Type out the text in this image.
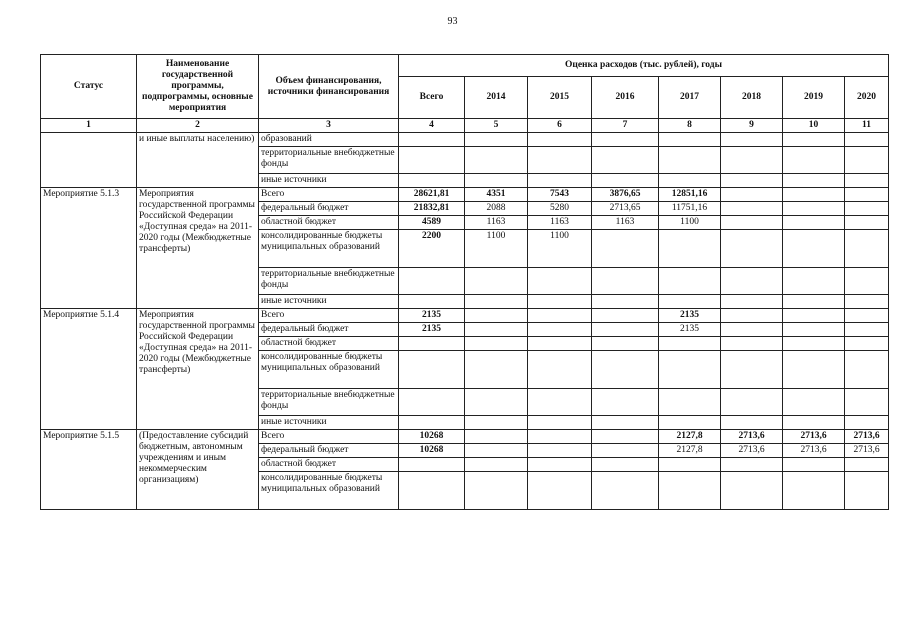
93
Статус	Наименование государственной программы, подпрограммы, основные мероприятия	Объем финансирования, источники финансирования	Оценка расходов (тыс. рублей), годы							
			Всего	2014	2015	2016	2017	2018	2019	2020
1	2	3	4	5	6	7	8	9	10	11
	и иные выплаты населению)	образований								
		территориальные внебюджетные фонды								
		иные источники								
Мероприятие 5.1.3	Мероприятия государственной программы Российской Федерации «Доступная среда» на 2011-2020 годы (Межбюджетные трансферты)	Всего	28621,81	4351	7543	3876,65	12851,16			
		федеральный бюджет	21832,81	2088	5280	2713,65	11751,16			
		областной бюджет	4589	1163	1163	1163	1100			
		консолидированные бюджеты муниципальных образований	2200	1100	1100					
		территориальные внебюджетные фонды								
		иные источники								
Мероприятие 5.1.4	Мероприятия государственной программы Российской Федерации «Доступная среда» на 2011-2020 годы (Межбюджетные трансферты)	Всего	2135				2135			
		федеральный бюджет	2135				2135			
		областной бюджет								
		консолидированные бюджеты муниципальных образований								
		территориальные внебюджетные фонды								
		иные источники								
Мероприятие 5.1.5	(Предоставление субсидий бюджетным, автономным учреждениям и иным некоммерческим организациям)	Всего	10268				2127,8	2713,6	2713,6	2713,6
		федеральный бюджет	10268				2127,8	2713,6	2713,6	2713,6
		областной бюджет								
		консолидированные бюджеты муниципальных образований								
